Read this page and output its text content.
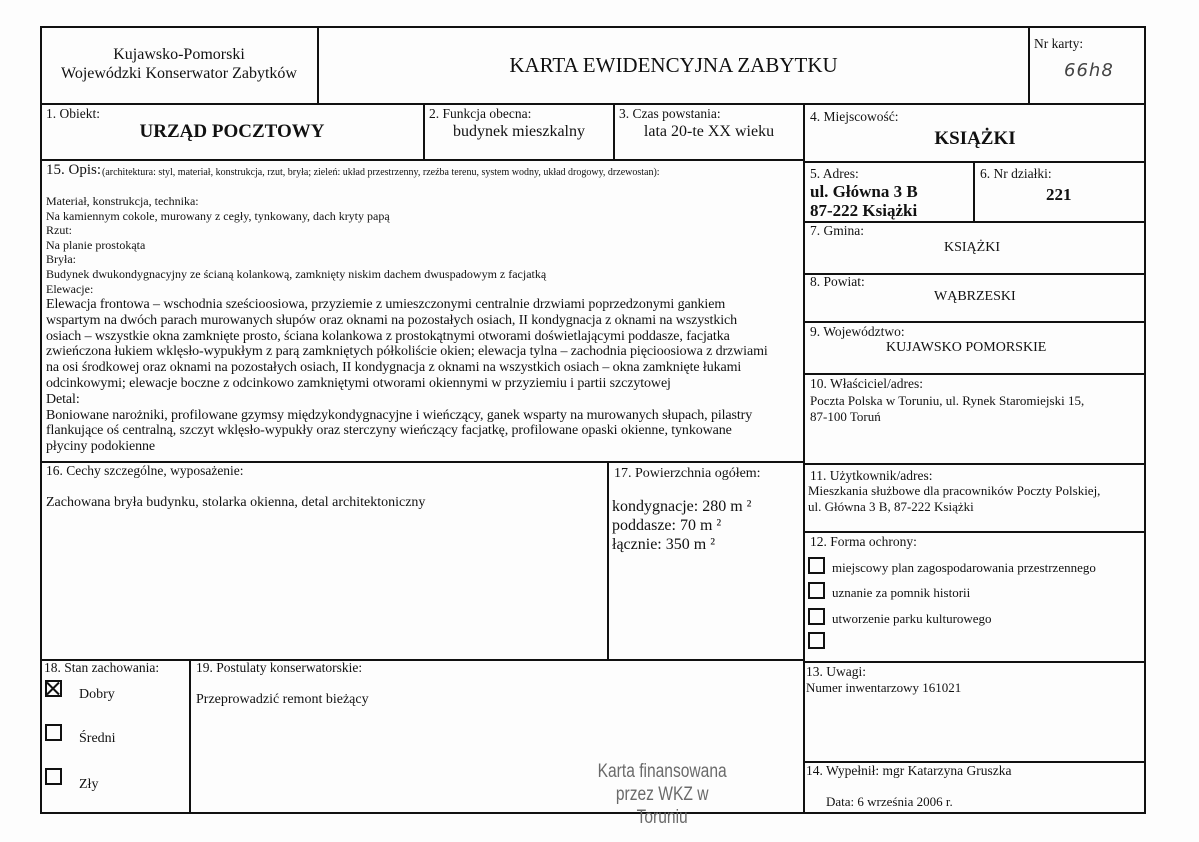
Kujawsko-Pomorski
Wojewódzki Konserwator Zabytków	KARTA EWIDENCYJNA ZABYTKU
Nr karty:
66h8
1. Obiekt:
URZĄD POCZTOWY
2. Funkcja obecna:
budynek mieszkalny
3. Czas powstania:
lata 20-te XX wieku
4. Miejscowość:
KSIĄŻKI
5. Adres:
ul. Główna 3 B
87-222 Książki
6. Nr działki:
221
7. Gmina:
KSIĄŻKI
8. Powiat:
WĄBRZESKI
9. Województwo:
KUJAWSKO POMORSKIE
10. Właściciel/adres:
Poczta Polska w Toruniu, ul. Rynek Staromiejski 15,
87-100 Toruń
11. Użytkownik/adres:
Mieszkania służbowe dla pracowników Poczty Polskiej,
ul. Główna 3 B, 87-222 Książki
12. Forma ochrony:
miejscowy plan zagospodarowania przestrzennego
uznanie za pomnik historii
utworzenie parku kulturowego
13. Uwagi:
Numer inwentarzowy 161021
14. Wypełnił: mgr Katarzyna Gruszka
Data: 6 września 2006 r.
15. Opis: (architektura: styl, materiał, konstrukcja, rzut, bryła; zieleń: układ przestrzenny, rzeźba terenu, system wodny, układ drogowy, drzewostan):
Materiał, konstrukcja, technika:
Na kamiennym cokole, murowany z cegły, tynkowany, dach kryty papą
Rzut:
Na planie prostokąta
Bryła:
Budynek dwukondygnacyjny ze ścianą kolankową, zamknięty niskim dachem dwuspadowym z facjatką
Elewacje:
Elewacja frontowa – wschodnia sześcioosiowa, przyziemie z umieszczonymi centralnie drzwiami poprzedzonymi gankiem
wspartym na dwóch parach murowanych słupów oraz oknami na pozostałych osiach, II kondygnacja z oknami na wszystkich
osiach – wszystkie okna zamknięte prosto, ściana kolankowa z prostokątnymi otworami doświetlającymi poddasze, facjatka
zwieńczona łukiem wklęsło-wypukłym z parą zamkniętych półkoliście okien; elewacja tylna – zachodnia pięcioosiowa z drzwiami
na osi środkowej oraz oknami na pozostałych osiach, II kondygnacja z oknami na wszystkich osiach – okna zamknięte łukami
odcinkowymi; elewacje boczne z odcinkowo zamkniętymi otworami okiennymi w przyziemiu i partii szczytowej
Detal:
Boniowane narożniki, profilowane gzymsy międzykondygnacyjne i wieńczący, ganek wsparty na murowanych słupach, pilastry
flankujące oś centralną, szczyt wklęsło-wypukły oraz sterczyny wieńczący facjatkę, profilowane opaski okienne, tynkowane
płyciny podokienne
16. Cechy szczególne, wyposażenie:
Zachowana bryła budynku, stolarka okienna, detal architektoniczny
17. Powierzchnia ogółem:
kondygnacje: 280 m ²
poddasze: 70 m ²
łącznie: 350 m ²
18. Stan zachowania:
Dobry
Średni
Zły
19. Postulaty konserwatorskie:
Przeprowadzić remont bieżący
Karta finansowana
przez WKZ w Toruniu
